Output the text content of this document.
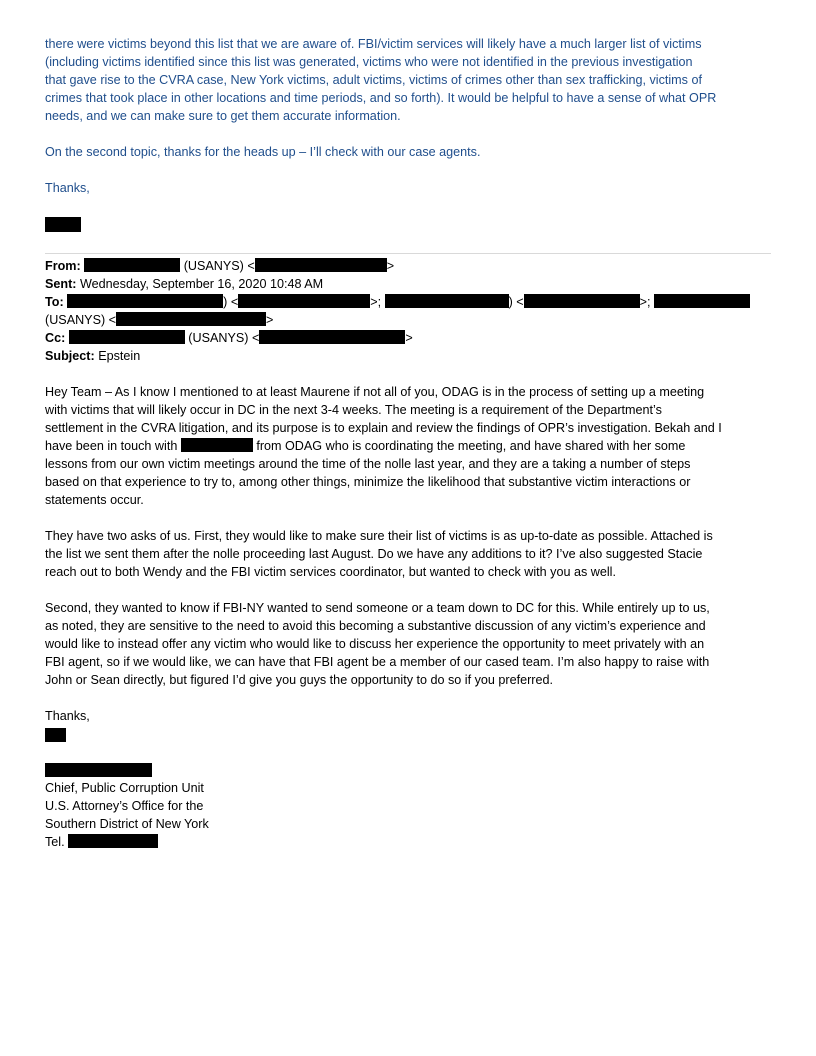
there were victims beyond this list that we are aware of. FBI/victim services will likely have a much larger list of victims

(including victims identified since this list was generated, victims who were not identified in the previous investigation

that gave rise to the CVRA case, New York victims, adult victims, victims of crimes other than sex trafficking, victims of

crimes that took place in other locations and time periods, and so forth). It would be helpful to have a sense of what OPR

needs, and we can make sure to get them accurate information.

On the second topic, thanks for the heads up – I’ll check with our case agents.

Thanks,

From:	(USANYS) <	>
Sent: Wednesday, September 16, 2020 10:48 AM
To:	) <	>;	) <	>;
(USANYS) <	>
Cc:	(USANYS) <	>
Subject: Epstein

Hey Team – As I know I mentioned to at least Maurene if not all of you, ODAG is in the process of setting up a meeting

with victims that will likely occur in DC in the next 3-4 weeks. The meeting is a requirement of the Department’s

settlement in the CVRA litigation, and its purpose is to explain and review the findings of OPR’s investigation. Bekah and I

have been in touch with	from ODAG who is coordinating the meeting, and have shared with her some

lessons from our own victim meetings around the time of the nolle last year, and they are a taking a number of steps

based on that experience to try to, among other things, minimize the likelihood that substantive victim interactions or

statements occur.

They have two asks of us. First, they would like to make sure their list of victims is as up-to-date as possible. Attached is

the list we sent them after the nolle proceeding last August. Do we have any additions to it? I’ve also suggested Stacie

reach out to both Wendy and the FBI victim services coordinator, but wanted to check with you as well.

Second, they wanted to know if FBI-NY wanted to send someone or a team down to DC for this. While entirely up to us,

as noted, they are sensitive to the need to avoid this becoming a substantive discussion of any victim’s experience and

would like to instead offer any victim who would like to discuss her experience the opportunity to meet privately with an

FBI agent, so if we would like, we can have that FBI agent be a member of our cased team. I’m also happy to raise with

John or Sean directly, but figured I’d give you guys the opportunity to do so if you preferred.

Thanks,

Chief, Public Corruption Unit

U.S. Attorney’s Office for the

Southern District of New York

Tel.
